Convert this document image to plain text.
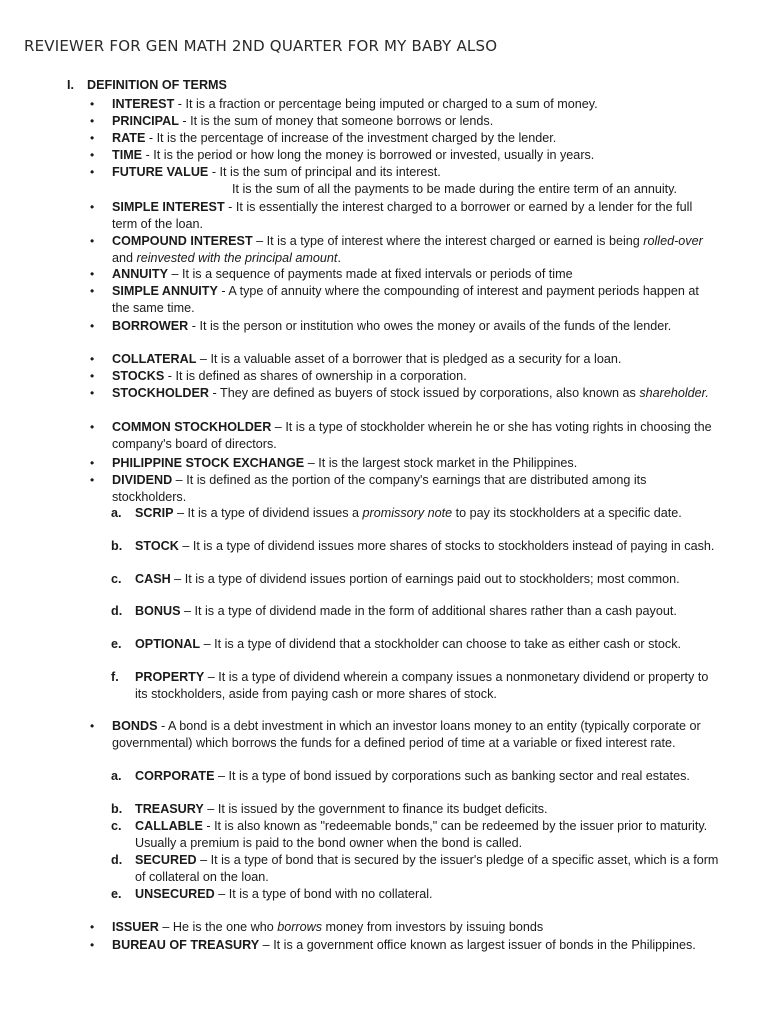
REVIEWER FOR GEN MATH 2ND QUARTER FOR MY BABY ALSO
I. DEFINITION OF TERMS
• INTEREST - It is a fraction or percentage being imputed or charged to a sum of money.
• PRINCIPAL - It is the sum of money that someone borrows or lends.
• RATE - It is the percentage of increase of the investment charged by the lender.
• TIME - It is the period or how long the money is borrowed or invested, usually in years.
• FUTURE VALUE - It is the sum of principal and its interest.
It is the sum of all the payments to be made during the entire term of an annuity.
• SIMPLE INTEREST - It is essentially the interest charged to a borrower or earned by a lender for the full term of the loan.
• COMPOUND INTEREST – It is a type of interest where the interest charged or earned is being rolled-over and reinvested with the principal amount.
• ANNUITY – It is a sequence of payments made at fixed intervals or periods of time
• SIMPLE ANNUITY - A type of annuity where the compounding of interest and payment periods happen at the same time.
• BORROWER - It is the person or institution who owes the money or avails of the funds of the lender.
• COLLATERAL – It is a valuable asset of a borrower that is pledged as a security for a loan.
• STOCKS - It is defined as shares of ownership in a corporation.
• STOCKHOLDER - They are defined as buyers of stock issued by corporations, also known as shareholder.
• COMMON STOCKHOLDER – It is a type of stockholder wherein he or she has voting rights in choosing the company's board of directors.
• PHILIPPINE STOCK EXCHANGE – It is the largest stock market in the Philippines.
• DIVIDEND – It is defined as the portion of the company's earnings that are distributed among its stockholders.
a. SCRIP – It is a type of dividend issues a promissory note to pay its stockholders at a specific date.
b. STOCK – It is a type of dividend issues more shares of stocks to stockholders instead of paying in cash.
c. CASH – It is a type of dividend issues portion of earnings paid out to stockholders; most common.
d. BONUS – It is a type of dividend made in the form of additional shares rather than a cash payout.
e. OPTIONAL – It is a type of dividend that a stockholder can choose to take as either cash or stock.
f. PROPERTY – It is a type of dividend wherein a company issues a nonmonetary dividend or property to its stockholders, aside from paying cash or more shares of stock.
• BONDS - A bond is a debt investment in which an investor loans money to an entity (typically corporate or governmental) which borrows the funds for a defined period of time at a variable or fixed interest rate.
a. CORPORATE – It is a type of bond issued by corporations such as banking sector and real estates.
b. TREASURY – It is issued by the government to finance its budget deficits.
c. CALLABLE - It is also known as "redeemable bonds," can be redeemed by the issuer prior to maturity. Usually a premium is paid to the bond owner when the bond is called.
d. SECURED – It is a type of bond that is secured by the issuer's pledge of a specific asset, which is a form of collateral on the loan.
e. UNSECURED – It is a type of bond with no collateral.
• ISSUER – He is the one who borrows money from investors by issuing bonds
• BUREAU OF TREASURY – It is a government office known as largest issuer of bonds in the Philippines.
